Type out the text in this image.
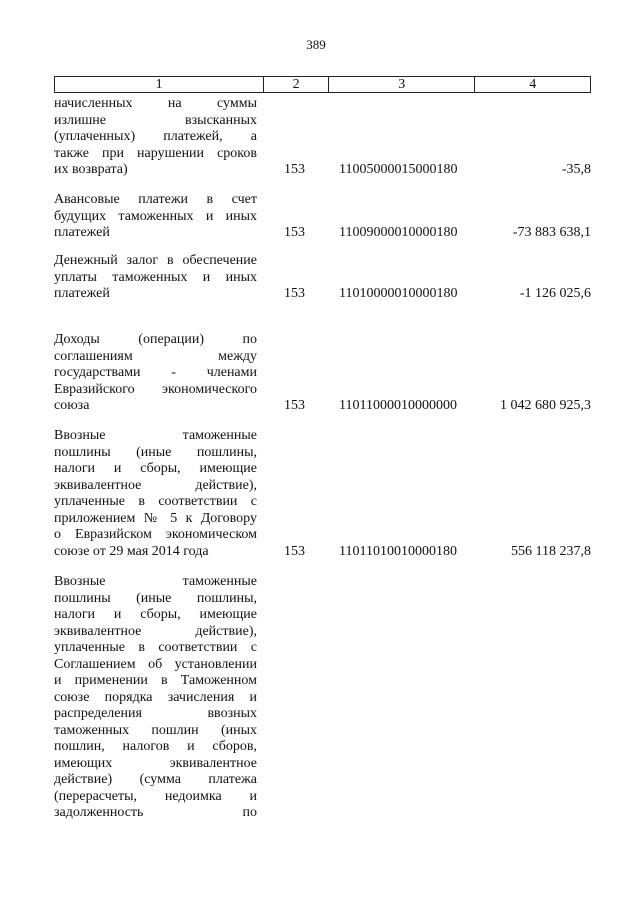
389
1	2	3	4
начисленных на суммы
излишне взысканных
(уплаченных) платежей, а
также при нарушении сроков
их возврата)	153 11005000015000180	-35,8
Авансовые платежи в счет
будущих таможенных и иных
платежей	153 11009000010000180	-73 883 638,1
Денежный залог в обеспечение
уплаты таможенных и иных
платежей	153 11010000010000180	-1 126 025,6
Доходы (операции) по
соглашениям между
государствами - членами
Евразийского экономического
союза	153 11011000010000000	1 042 680 925,3
Ввозные таможенные
пошлины (иные пошлины,
налоги и сборы, имеющие
эквивалентное действие),
уплаченные в соответствии с
приложением № 5 к Договору
о Евразийском экономическом
союзе от 29 мая 2014 года	153 11011010010000180	556 118 237,8
Ввозные таможенные
пошлины (иные пошлины,
налоги и сборы, имеющие
эквивалентное действие),
уплаченные в соответствии с
Соглашением об установлении
и применении в Таможенном
союзе порядка зачисления и
распределения ввозных
таможенных пошлин (иных
пошлин, налогов и сборов,
имеющих эквивалентное
действие) (сумма платежа
(перерасчеты, недоимка и
задолженность по
